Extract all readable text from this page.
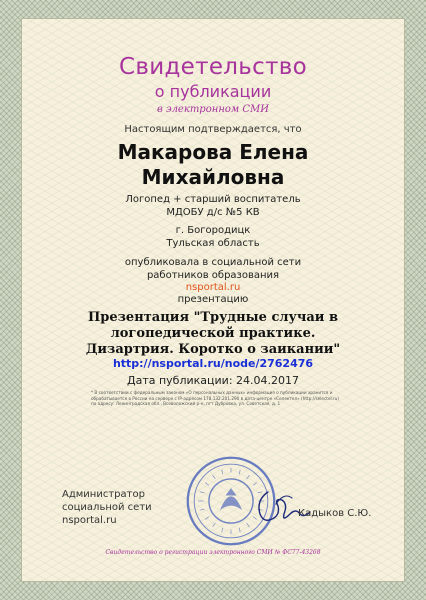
Свидетельство
о публикации
в электронном СМИ
Настоящим подтверждается, что
Макарова Елена
Михайловна
Логопед + старший воспитатель
МДОБУ д/с №5 КВ
г. Богородицк
Тульская область
опубликовала в социальной сети
работников образования
nsportal.ru
презентацию
Презентация "Трудные случаи в
логопедической практике.
Дизартрия. Коротко о заикании"
http://nsportal.ru/node/2762476
Дата публикации: 24.04.2017
* В соответствии с федеральным законом «О персональных данных» информация о публикации хранится и обрабатывается в России на сервере с IP-адресом 178.132.201.290 в дата-центре «Селектел» (http://selectel.ru) по адресу: Ленинградская обл., Всеволожский р-н, пгт Дубровка, ул. Советская, д. 1
Администратор
социальной сети
nsportal.ru
Кадыков С.Ю.
Свидетельство о регистрации электронного СМИ № ФС77-43268
